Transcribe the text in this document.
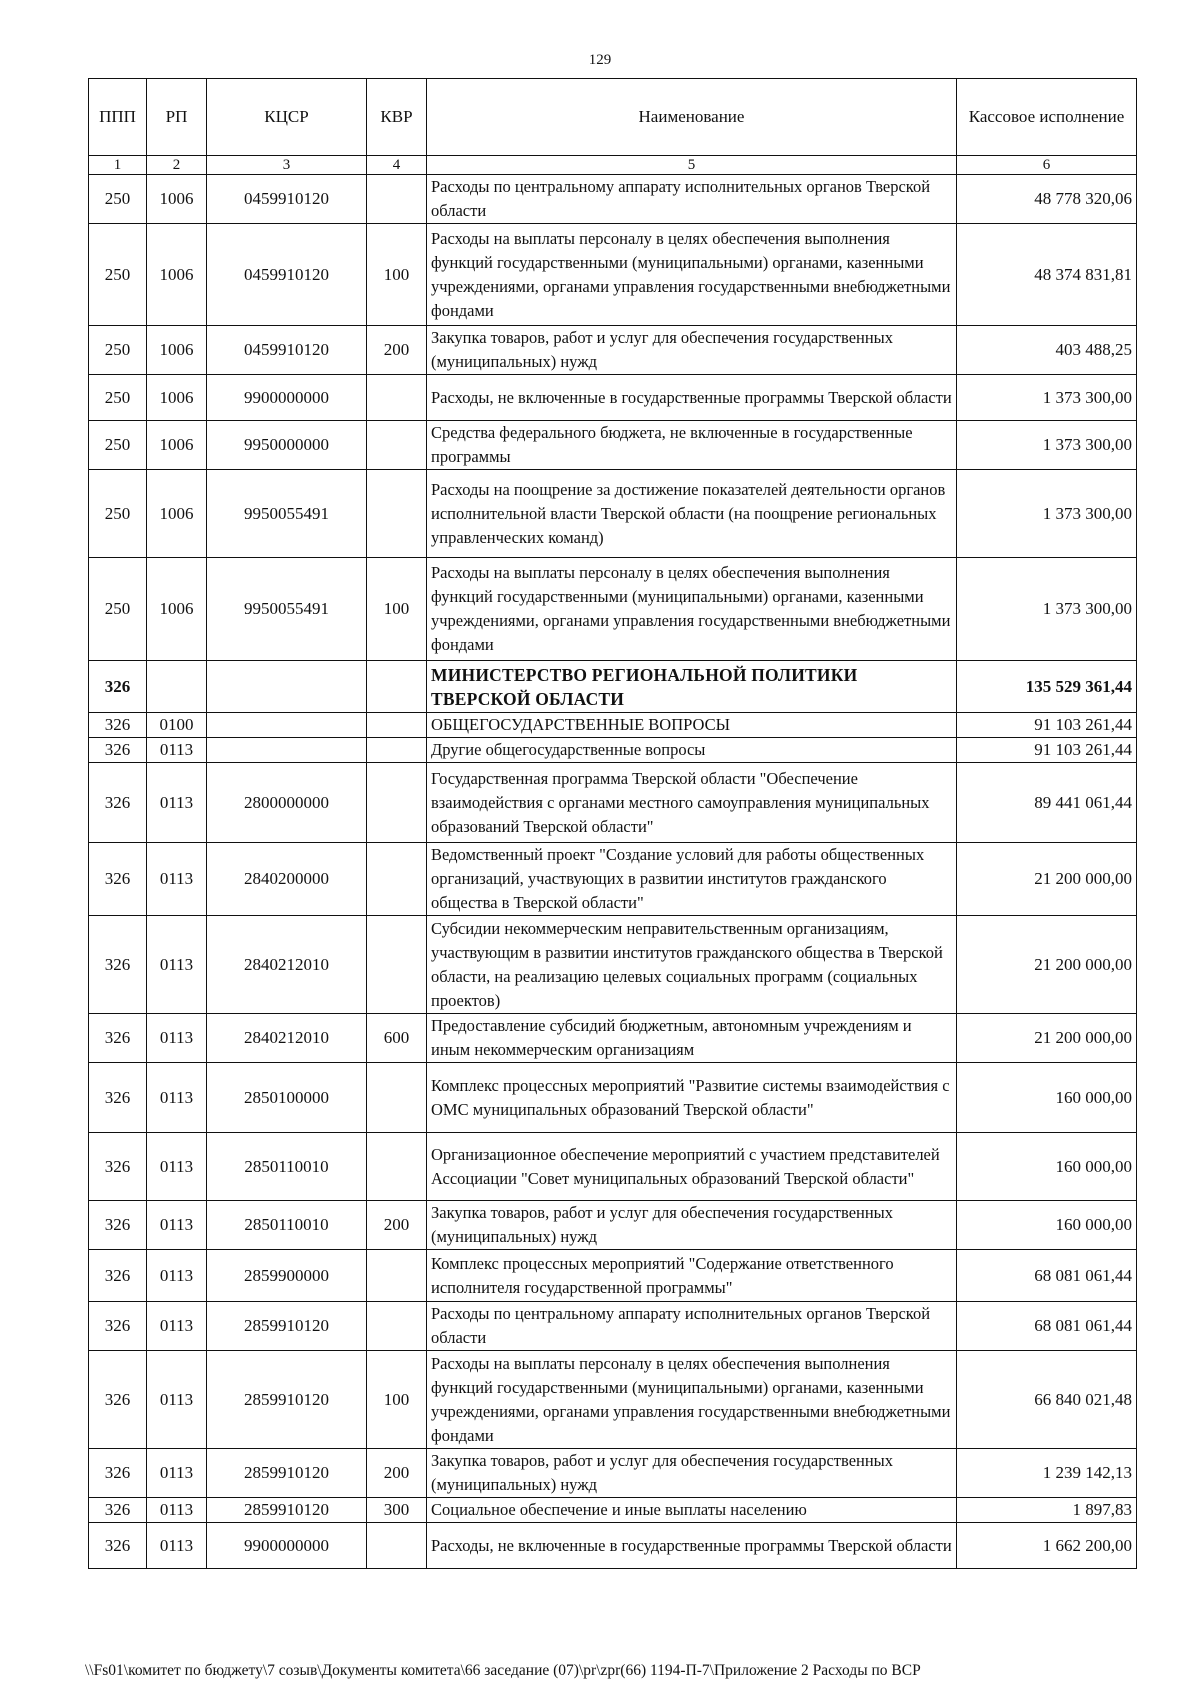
129
ППП	РП	КЦСР	КВР	Наименование	Кассовое исполнение
1	2	3	4	5	6
250	1006	0459910120		Расходы по центральному аппарату исполнительных органов Тверской области	48 778 320,06
250	1006	0459910120	100	Расходы на выплаты персоналу в целях обеспечения выполнения функций государственными (муниципальными) органами, казенными учреждениями, органами управления государственными внебюджетными фондами	48 374 831,81
250	1006	0459910120	200	Закупка товаров, работ и услуг для обеспечения государственных (муниципальных) нужд	403 488,25
250	1006	9900000000		Расходы, не включенные в государственные программы Тверской области	1 373 300,00
250	1006	9950000000		Средства федерального бюджета, не включенные в государственные программы	1 373 300,00
250	1006	9950055491		Расходы на поощрение за достижение показателей деятельности органов исполнительной власти Тверской области (на поощрение региональных управленческих команд)	1 373 300,00
250	1006	9950055491	100	Расходы на выплаты персоналу в целях обеспечения выполнения функций государственными (муниципальными) органами, казенными учреждениями, органами управления государственными внебюджетными фондами	1 373 300,00
326				МИНИСТЕРСТВО РЕГИОНАЛЬНОЙ ПОЛИТИКИ ТВЕРСКОЙ ОБЛАСТИ	135 529 361,44
326	0100			ОБЩЕГОСУДАРСТВЕННЫЕ ВОПРОСЫ	91 103 261,44
326	0113			Другие общегосударственные вопросы	91 103 261,44
326	0113	2800000000		Государственная программа Тверской области "Обеспечение взаимодействия с органами местного самоуправления муниципальных образований Тверской области"	89 441 061,44
326	0113	2840200000		Ведомственный проект "Создание условий для работы общественных организаций, участвующих в развитии институтов гражданского общества в Тверской области"	21 200 000,00
326	0113	2840212010		Субсидии некоммерческим неправительственным организациям, участвующим в развитии институтов гражданского общества в Тверской области, на реализацию целевых социальных программ (социальных проектов)	21 200 000,00
326	0113	2840212010	600	Предоставление субсидий бюджетным, автономным учреждениям и иным некоммерческим организациям	21 200 000,00
326	0113	2850100000		Комплекс процессных мероприятий "Развитие системы взаимодействия с ОМС муниципальных образований Тверской области"	160 000,00
326	0113	2850110010		Организационное обеспечение мероприятий с участием представителей Ассоциации "Совет муниципальных образований Тверской области"	160 000,00
326	0113	2850110010	200	Закупка товаров, работ и услуг для обеспечения государственных (муниципальных) нужд	160 000,00
326	0113	2859900000		Комплекс процессных мероприятий "Содержание ответственного исполнителя государственной программы"	68 081 061,44
326	0113	2859910120		Расходы по центральному аппарату исполнительных органов Тверской области	68 081 061,44
326	0113	2859910120	100	Расходы на выплаты персоналу в целях обеспечения выполнения функций государственными (муниципальными) органами, казенными учреждениями, органами управления государственными внебюджетными фондами	66 840 021,48
326	0113	2859910120	200	Закупка товаров, работ и услуг для обеспечения государственных (муниципальных) нужд	1 239 142,13
326	0113	2859910120	300	Социальное обеспечение и иные выплаты населению	1 897,83
326	0113	9900000000		Расходы, не включенные в государственные программы Тверской области	1 662 200,00
\\Fs01\комитет по бюджету\7 созыв\Документы комитета\66 заседание (07)\pr\zpr(66) 1194-П-7\Приложение 2 Расходы по ВСР
